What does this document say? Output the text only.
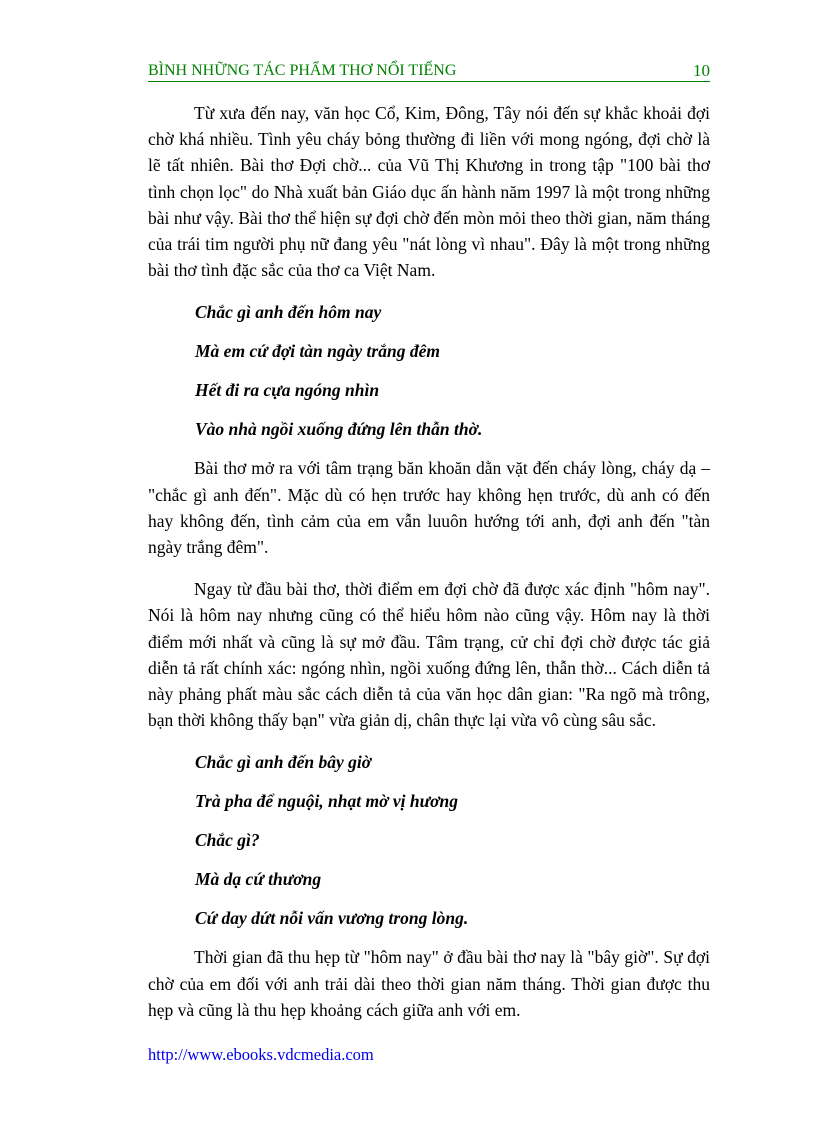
BÌNH NHỮNG TÁC PHẨM THƠ NỔI TIẾNG	10

Từ xưa đến nay, văn học Cổ, Kim, Đông, Tây nói đến sự khắc khoải đợi chờ khá nhiều. Tình yêu cháy bỏng thường đi liền với mong ngóng, đợi chờ là lẽ tất nhiên. Bài thơ Đợi chờ... của Vũ Thị Khương in trong tập "100 bài thơ tình chọn lọc" do Nhà xuất bản Giáo dục ấn hành năm 1997 là một trong những bài như vậy. Bài thơ thể hiện sự đợi chờ đến mòn mỏi theo thời gian, năm tháng của trái tim người phụ nữ đang yêu "nát lòng vì nhau". Đây là một trong những bài thơ tình đặc sắc của thơ ca Việt Nam.

Chắc gì anh đến hôm nay
Mà em cứ đợi tàn ngày trắng đêm
Hết đi ra cựa ngóng nhìn
Vào nhà ngồi xuống đứng lên thẫn thờ.

Bài thơ mở ra với tâm trạng băn khoăn dằn vặt đến cháy lòng, cháy dạ – "chắc gì anh đến". Mặc dù có hẹn trước hay không hẹn trước, dù anh có đến hay không đến, tình cảm của em vẫn luuôn hướng tới anh, đợi anh đến "tàn ngày trắng đêm".

Ngay từ đầu bài thơ, thời điểm em đợi chờ đã được xác định "hôm nay". Nói là hôm nay nhưng cũng có thể hiểu hôm nào cũng vậy. Hôm nay là thời điểm mới nhất và cũng là sự mở đầu. Tâm trạng, cử chỉ đợi chờ được tác giả diễn tả rất chính xác: ngóng nhìn, ngồi xuống đứng lên, thẫn thờ... Cách diễn tả này phảng phất màu sắc cách diễn tả của văn học dân gian: "Ra ngõ mà trông, bạn thời không thấy bạn" vừa giản dị, chân thực lại vừa vô cùng sâu sắc.

Chắc gì anh đến bây giờ
Trà pha để nguội, nhạt mờ vị hương
Chắc gì?
Mà dạ cứ thương
Cứ day dứt nỗi vấn vương trong lòng.

Thời gian đã thu hẹp từ "hôm nay" ở đầu bài thơ nay là "bây giờ". Sự đợi chờ của em đối với anh trải dài theo thời gian năm tháng. Thời gian được thu hẹp và cũng là thu hẹp khoảng cách giữa anh với em.

http://www.ebooks.vdcmedia.com
